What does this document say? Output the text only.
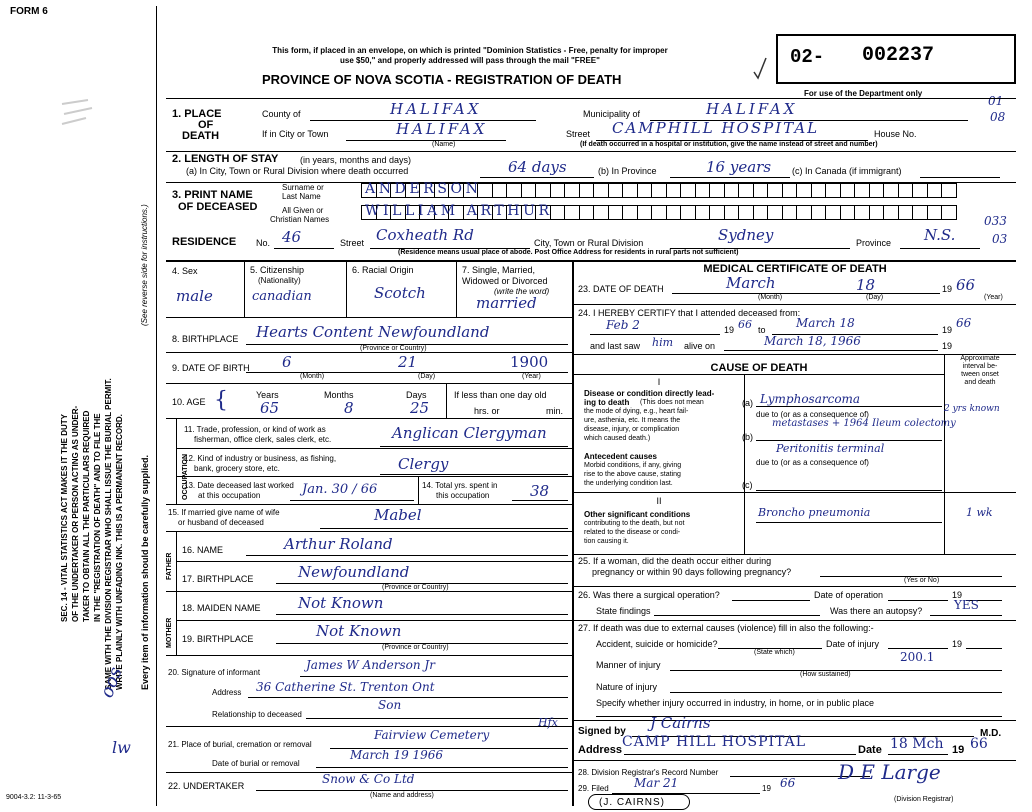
FORM 6
This form, if placed in an envelope, on which is printed "Dominion Statistics - Free, penalty for improper
use $50," and properly addressed will pass through the mail "FREE"
PROVINCE OF NOVA SCOTIA - REGISTRATION OF DEATH
02- 002237
For use of the Department only
01
08
033
03
SEC. 14 - VITAL STATISTICS ACT MAKES IT THE DUTY OF THE UNDERTAKER OR PERSON ACTING AS UNDER- TAKER TO OBTAIN ALL THE PARTICULARS REQUIRED IN THE "REGISTRATION OF DEATH" AND TO FILE THE SAME WITH THE DIVISION REGISTRAR WHO SHALL ISSUE THE BURIAL PERMIT. WRITE PLAINLY WITH UNFADING INK. THIS IS A PERMANENT RECORD.
(See reverse side for instructions.)
Every item of information should be carefully supplied.
9004-3.2: 11-3-65
oos
lw
1. PLACE
OF
DEATH
County of	HALIFAX	Municipality of	HALIFAX
If in City or Town	HALIFAX
(Name)
Street CAMPHILL HOSPITAL	House No.
(If death occurred in a hospital or institution, give the name instead of street and number)
2. LENGTH OF STAY (in years, months and days)
(a) In City, Town or Rural Division where death occurred	64 days	(b) In Province	16 years (c) In Canada (if immigrant)
3. PRINT NAME
OF DECEASED
Surname or
Last Name	ANDERSON
All Given or
Christian Names
WILLIAM ARTHUR
RESIDENCE No. 46	Street Coxheath Rd	City, Town or Rural Division	Sydney	Province N.S.
(Residence means usual place of abode. Post Office Address for residents in rural parts not sufficient)
4. Sex
male
5. Citizenship
(Nationality)
canadian
6. Racial Origin
Scotch
7. Single, Married,
Widowed or Divorced
(write the word)
married
8. BIRTHPLACE Hearts Content Newfoundland
(Province or Country)
9. DATE OF BIRTH 6	21	1900
(Month)	(Day)	(Year)
10. AGE {	Years
65
Months
8
Days
25
If less than one day old
hrs. or	min.
OCCUPATION
11. Trade, profession, or kind of work as
fisherman, office clerk, sales clerk, etc.	Anglican Clergyman
12. Kind of industry or business, as fishing,
bank, grocery store, etc.	Clergy
13. Date deceased last worked
at this occupation	Jan. 30 / 66	14. Total yrs. spent in
this occupation	38
15. If married give name of wife
or husband of deceased	Mabel
FATHER
16. NAME	Arthur Roland
17. BIRTHPLACE	Newfoundland
(Province or Country)
MOTHER
18. MAIDEN NAME Not Known
19. BIRTHPLACE	Not Known
(Province or Country)
20. Signature of informant
James W Anderson Jr
Address 36 Catherine St. Trenton Ont
Relationship to deceased
Son
21. Place of burial, cremation or removal
Fairview Cemetery
Hfx
Date of burial or removal
March 19 1966
22. UNDERTAKER	Snow & Co Ltd
(Name and address)
MEDICAL CERTIFICATE OF DEATH
23. DATE OF DEATH	March	18	19 66
(Month)	(Day)	(Year)
24. I HEREBY CERTIFY that I attended deceased from:
Feb 2	19 66 to	March 18	19 66
and last saw him alive on	March 18, 1966	19
CAUSE OF DEATH
Approximate
interval be-
tween onset
and death
I
Disease or condition directly lead-
ing to death (This does not mean
the mode of dying, e.g., heart fail-
ure, asthenia, etc. It means the
disease, injury, or complication
which caused death.)
(a) Lymphosarcoma
2 yrs known
due to (or as a consequence of)
(b)
metastases + 1964 Ileum colectomy
Peritonitis terminal
Antecedent causes
Morbid conditions, if any, giving
rise to the above cause, stating
the underlying condition last.
due to (or as a consequence of)
(c)
II
Other significant conditions
contributing to the death, but not
related to the disease or condi-
tion causing it.
Broncho pneumonia	1 wk
25. If a woman, did the death occur either during
pregnancy or within 90 days following pregnancy?
(Yes or No)
26. Was there a surgical operation?	Date of operation	19
State findings	Was there an autopsy?	YES
27. If death was due to external causes (violence) fill in also the following:-
Accident, suicide or homicide?	Date of injury	19
(State which)	200.1
Manner of injury
(How sustained)
Nature of injury
Specify whether injury occurred in industry, in home, or in public place
Signed by J Cairns
M.D.
Address CAMP HILL HOSPITAL	Date 18 Mch 19 66
28. Division Registrar's Record Number	D E Large
29. Filed Mar 21	19 66
(Division Registrar)
(J. CAIRNS)
